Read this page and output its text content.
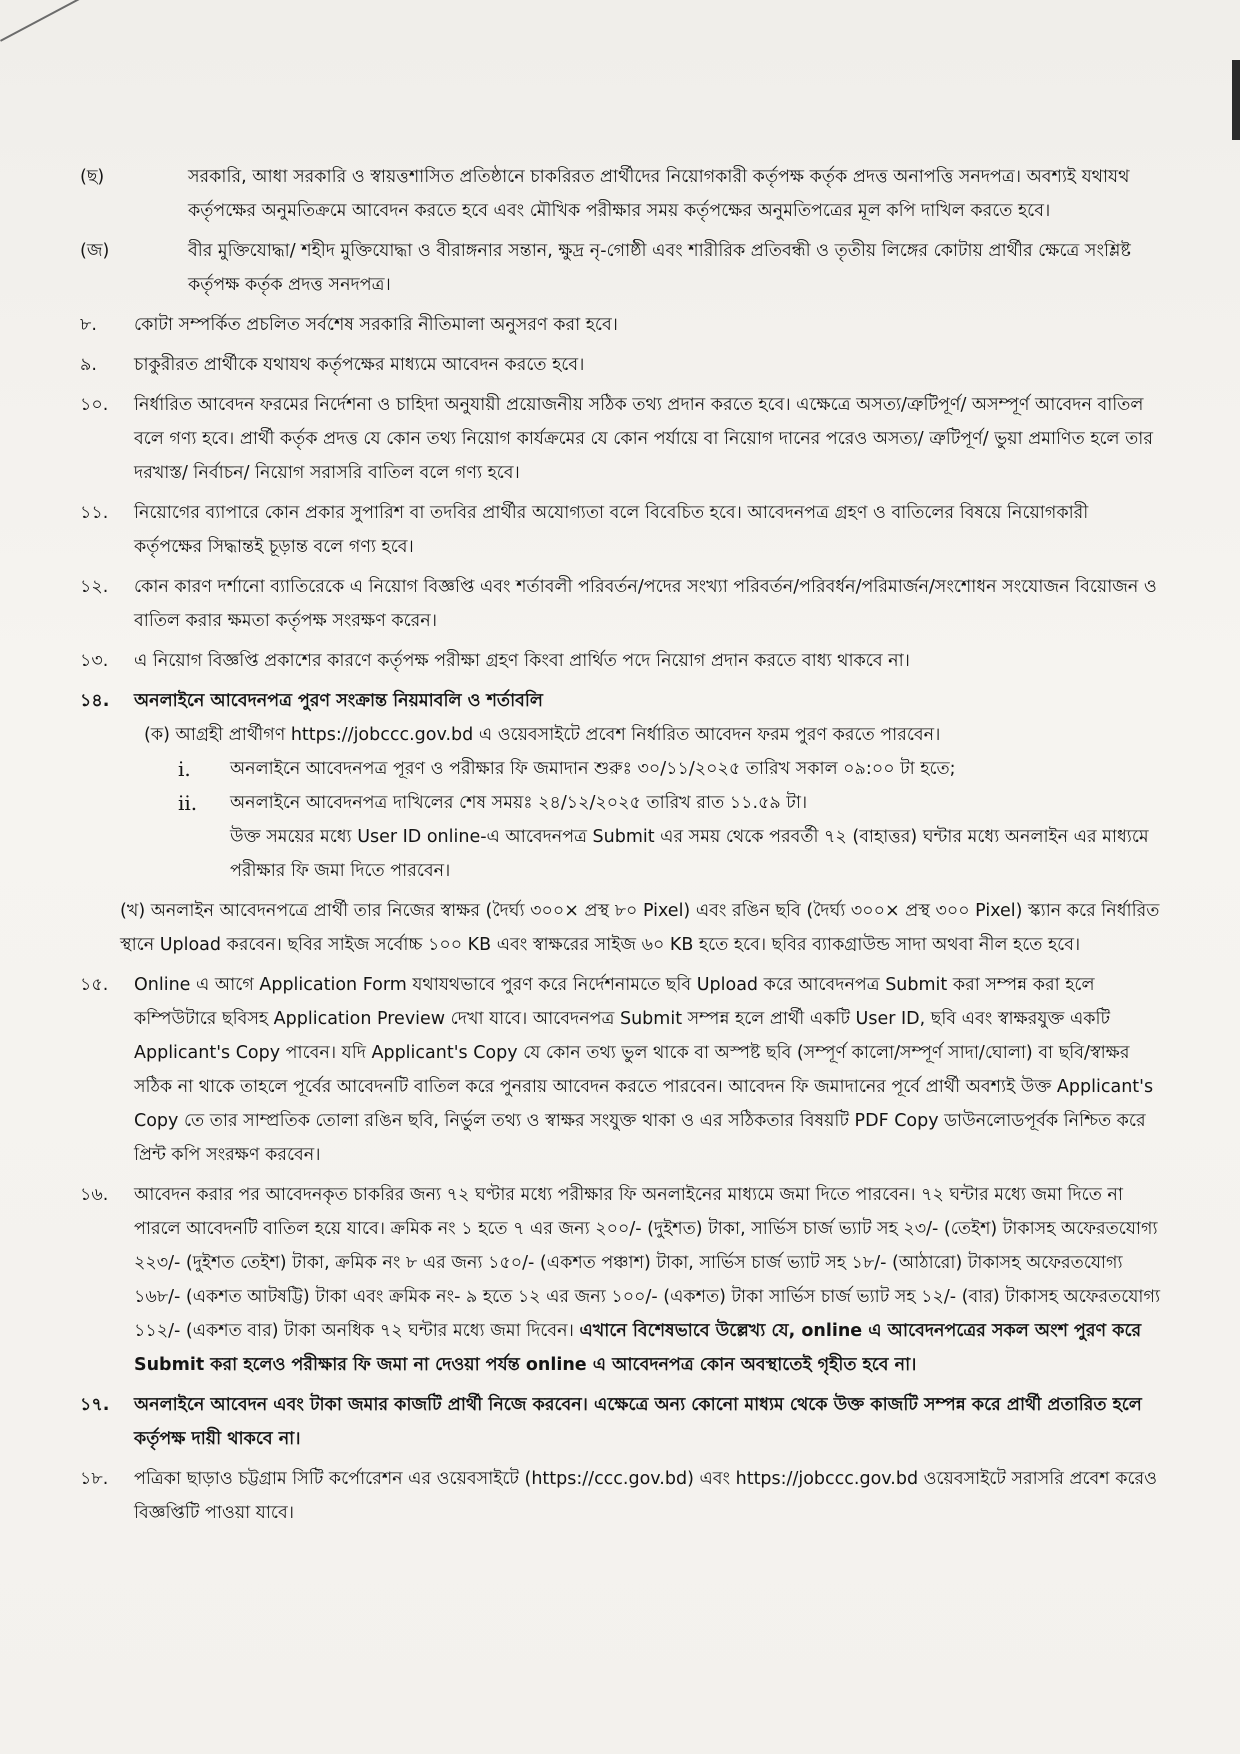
(ছ)	সরকারি, আধা সরকারি ও স্বায়ত্তশাসিত প্রতিষ্ঠানে চাকরিরত প্রার্থীদের নিয়োগকারী কর্তৃপক্ষ কর্তৃক প্রদত্ত অনাপত্তি সনদপত্র। অবশ্যই যথাযথ কর্তৃপক্ষের অনুমতিক্রমে আবেদন করতে হবে এবং মৌখিক পরীক্ষার সময় কর্তৃপক্ষের অনুমতিপত্রের মূল কপি দাখিল করতে হবে।
(জ)	বীর মুক্তিযোদ্ধা/ শহীদ মুক্তিযোদ্ধা ও বীরাঙ্গনার সন্তান, ক্ষুদ্র নৃ-গোষ্ঠী এবং শারীরিক প্রতিবন্ধী ও তৃতীয় লিঙ্গের কোটায় প্রার্থীর ক্ষেত্রে সংশ্লিষ্ট কর্তৃপক্ষ কর্তৃক প্রদত্ত সনদপত্র।
৮.	কোটা সম্পর্কিত প্রচলিত সর্বশেষ সরকারি নীতিমালা অনুসরণ করা হবে।
৯.	চাকুরীরত প্রার্থীকে যথাযথ কর্তৃপক্ষের মাধ্যমে আবেদন করতে হবে।
১০.	নির্ধারিত আবেদন ফরমের নির্দেশনা ও চাহিদা অনুযায়ী প্রয়োজনীয় সঠিক তথ্য প্রদান করতে হবে। এক্ষেত্রে অসত্য/ত্রুটিপূর্ণ/ অসম্পূর্ণ আবেদন বাতিল বলে গণ্য হবে। প্রার্থী কর্তৃক প্রদত্ত যে কোন তথ্য নিয়োগ কার্যক্রমের যে কোন পর্যায়ে বা নিয়োগ দানের পরেও অসত্য/ ত্রুটিপূর্ণ/ ভুয়া প্রমাণিত হলে তার দরখাস্ত/ নির্বাচন/ নিয়োগ সরাসরি বাতিল বলে গণ্য হবে।
১১.	নিয়োগের ব্যাপারে কোন প্রকার সুপারিশ বা তদবির প্রার্থীর অযোগ্যতা বলে বিবেচিত হবে। আবেদনপত্র গ্রহণ ও বাতিলের বিষয়ে নিয়োগকারী কর্তৃপক্ষের সিদ্ধান্তই চূড়ান্ত বলে গণ্য হবে।
১২.	কোন কারণ দর্শানো ব্যাতিরেকে এ নিয়োগ বিজ্ঞপ্তি এবং শর্তাবলী পরিবর্তন/পদের সংখ্যা পরিবর্তন/পরিবর্ধন/পরিমার্জন/সংশোধন সংযোজন বিয়োজন ও বাতিল করার ক্ষমতা কর্তৃপক্ষ সংরক্ষণ করেন।
১৩.	এ নিয়োগ বিজ্ঞপ্তি প্রকাশের কারণে কর্তৃপক্ষ পরীক্ষা গ্রহণ কিংবা প্রার্থিত পদে নিয়োগ প্রদান করতে বাধ্য থাকবে না।
১৪.	অনলাইনে আবেদনপত্র পুরণ সংক্রান্ত নিয়মাবলি ও শর্তাবলি
(ক) আগ্রহী প্রার্থীগণ https://jobccc.gov.bd এ ওয়েবসাইটে প্রবেশ নির্ধারিত আবেদন ফরম পুরণ করতে পারবেন।
i. অনলাইনে আবেদনপত্র পূরণ ও পরীক্ষার ফি জমাদান শুরুঃ ৩০/১১/২০২৫ তারিখ সকাল ০৯:০০ টা হতে;
ii. অনলাইনে আবেদনপত্র দাখিলের শেষ সময়ঃ ২৪/১২/২০২৫ তারিখ রাত ১১.৫৯ টা।
উক্ত সময়ের মধ্যে User ID online-এ আবেদনপত্র Submit এর সময় থেকে পরবর্তী ৭২ (বাহাত্তর) ঘন্টার মধ্যে অনলাইন এর মাধ্যমে পরীক্ষার ফি জমা দিতে পারবেন।
(খ) অনলাইন আবেদনপত্রে প্রার্থী তার নিজের স্বাক্ষর (দৈর্ঘ্য ৩০০× প্রস্থ ৮০ Pixel) এবং রঙিন ছবি (দৈর্ঘ্য ৩০০× প্রস্থ ৩০০ Pixel) স্ক্যান করে নির্ধারিত স্থানে Upload করবেন। ছবির সাইজ সর্বোচ্চ ১০০ KB এবং স্বাক্ষরের সাইজ ৬০ KB হতে হবে। ছবির ব্যাকগ্রাউন্ড সাদা অথবা নীল হতে হবে।
১৫.	Online এ আগে Application Form যথাযথভাবে পুরণ করে নির্দেশনামতে ছবি Upload করে আবেদনপত্র Submit করা সম্পন্ন করা হলে কম্পিউটারে ছবিসহ Application Preview দেখা যাবে। আবেদনপত্র Submit সম্পন্ন হলে প্রার্থী একটি User ID, ছবি এবং স্বাক্ষরযুক্ত একটি Applicant's Copy পাবেন। যদি Applicant's Copy যে কোন তথ্য ভুল থাকে বা অস্পষ্ট ছবি (সম্পূর্ণ কালো/সম্পূর্ণ সাদা/ঘোলা) বা ছবি/স্বাক্ষর সঠিক না থাকে তাহলে পূর্বের আবেদনটি বাতিল করে পুনরায় আবেদন করতে পারবেন। আবেদন ফি জমাদানের পূর্বে প্রার্থী অবশ্যই উক্ত Applicant's Copy তে তার সাম্প্রতিক তোলা রঙিন ছবি, নির্ভুল তথ্য ও স্বাক্ষর সংযুক্ত থাকা ও এর সঠিকতার বিষয়টি PDF Copy ডাউনলোডপূর্বক নিশ্চিত করে প্রিন্ট কপি সংরক্ষণ করবেন।
১৬.	আবেদন করার পর আবেদনকৃত চাকরির জন্য ৭২ ঘণ্টার মধ্যে পরীক্ষার ফি অনলাইনের মাধ্যমে জমা দিতে পারবেন। ৭২ ঘন্টার মধ্যে জমা দিতে না পারলে আবেদনটি বাতিল হয়ে যাবে। ক্রমিক নং ১ হতে ৭ এর জন্য ২০০/- (দুইশত) টাকা, সার্ভিস চার্জ ভ্যাট সহ ২৩/- (তেইশ) টাকাসহ অফেরতযোগ্য ২২৩/- (দুইশত তেইশ) টাকা, ক্রমিক নং ৮ এর জন্য ১৫০/- (একশত পঞ্চাশ) টাকা, সার্ভিস চার্জ ভ্যাট সহ ১৮/- (আঠারো) টাকাসহ অফেরতযোগ্য ১৬৮/- (একশত আটষট্টি) টাকা এবং ক্রমিক নং- ৯ হতে ১২ এর জন্য ১০০/- (একশত) টাকা সার্ভিস চার্জ ভ্যাট সহ ১২/- (বার) টাকাসহ অফেরতযোগ্য ১১২/- (একশত বার) টাকা অনধিক ৭২ ঘন্টার মধ্যে জমা দিবেন। এখানে বিশেষভাবে উল্লেখ্য যে, online এ আবেদনপত্রের সকল অংশ পুরণ করে Submit করা হলেও পরীক্ষার ফি জমা না দেওয়া পর্যন্ত online এ আবেদনপত্র কোন অবস্থাতেই গৃহীত হবে না।
১৭.	অনলাইনে আবেদন এবং টাকা জমার কাজটি প্রার্থী নিজে করবেন। এক্ষেত্রে অন্য কোনো মাধ্যম থেকে উক্ত কাজটি সম্পন্ন করে প্রার্থী প্রতারিত হলে কর্তৃপক্ষ দায়ী থাকবে না।
১৮.	পত্রিকা ছাড়াও চট্টগ্রাম সিটি কর্পোরেশন এর ওয়েবসাইটে (https://ccc.gov.bd) এবং https://jobccc.gov.bd ওয়েবসাইটে সরাসরি প্রবেশ করেও বিজ্ঞপ্তিটি পাওয়া যাবে।
